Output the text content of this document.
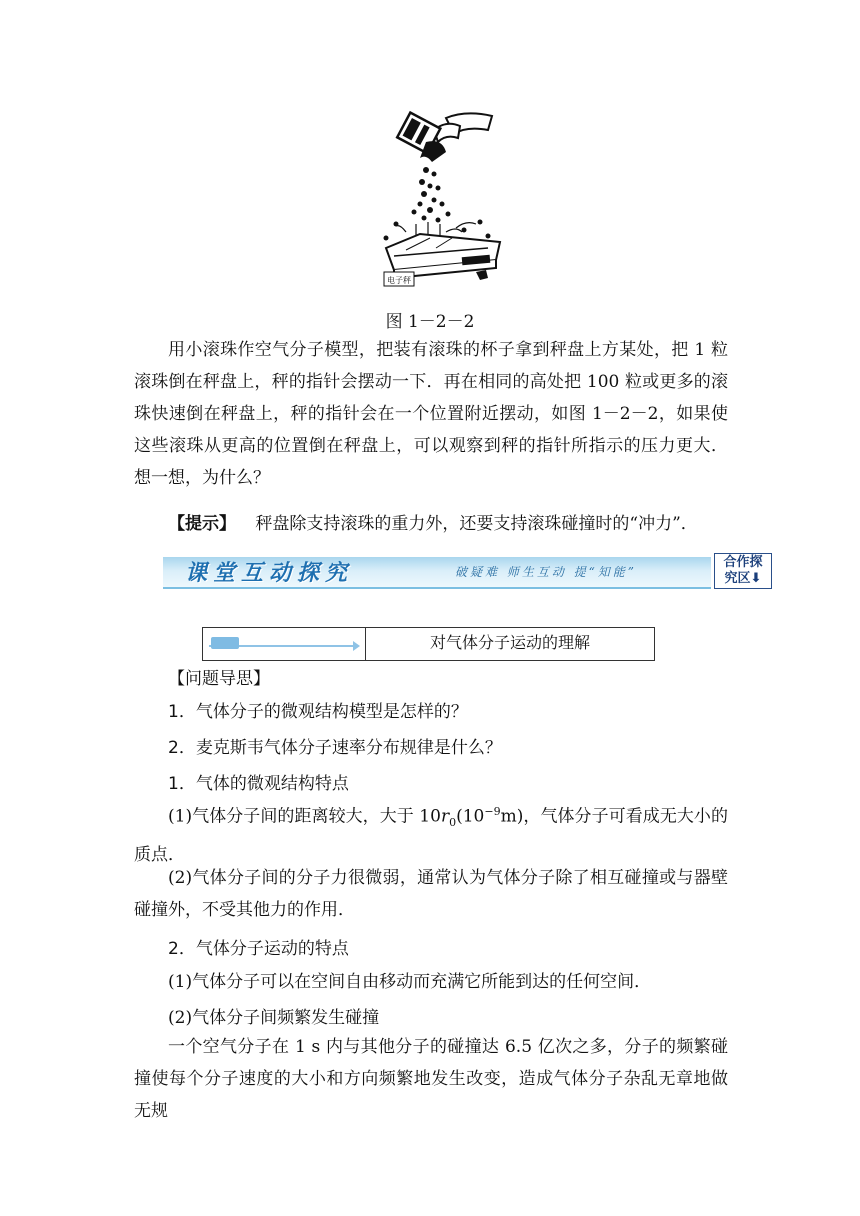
电子秤
图 1－2－2

用小滚珠作空气分子模型，把装有滚珠的杯子拿到秤盘上方某处，把 1 粒滚珠倒在秤盘上，秤的指针会摆动一下．再在相同的高处把 100 粒或更多的滚珠快速倒在秤盘上，秤的指针会在一个位置附近摆动，如图 1－2－2，如果使这些滚珠从更高的位置倒在秤盘上，可以观察到秤的指针所指示的压力更大．想一想，为什么？

【提示】 秤盘除支持滚珠的重力外，还要支持滚珠碰撞时的“冲力”．
课堂互动探究	破疑难 师生互动 提“知能”
合作探
究区⬇
对气体分子运动的理解
【问题导思】
1．气体分子的微观结构模型是怎样的？
2．麦克斯韦气体分子速率分布规律是什么？
1．气体的微观结构特点

(1)气体分子间的距离较大，大于 $10r_0(10^{-9}m)$，气体分子可看成无大小的质点．

(2)气体分子间的分子力很微弱，通常认为气体分子除了相互碰撞或与器壁碰撞外，不受其他力的作用．

2．气体分子运动的特点
(1)气体分子可以在空间自由移动而充满它所能到达的任何空间．
(2)气体分子间频繁发生碰撞

一个空气分子在 1 s 内与其他分子的碰撞达 6.5 亿次之多，分子的频繁碰撞使每个分子速度的大小和方向频繁地发生改变，造成气体分子杂乱无章地做无规
